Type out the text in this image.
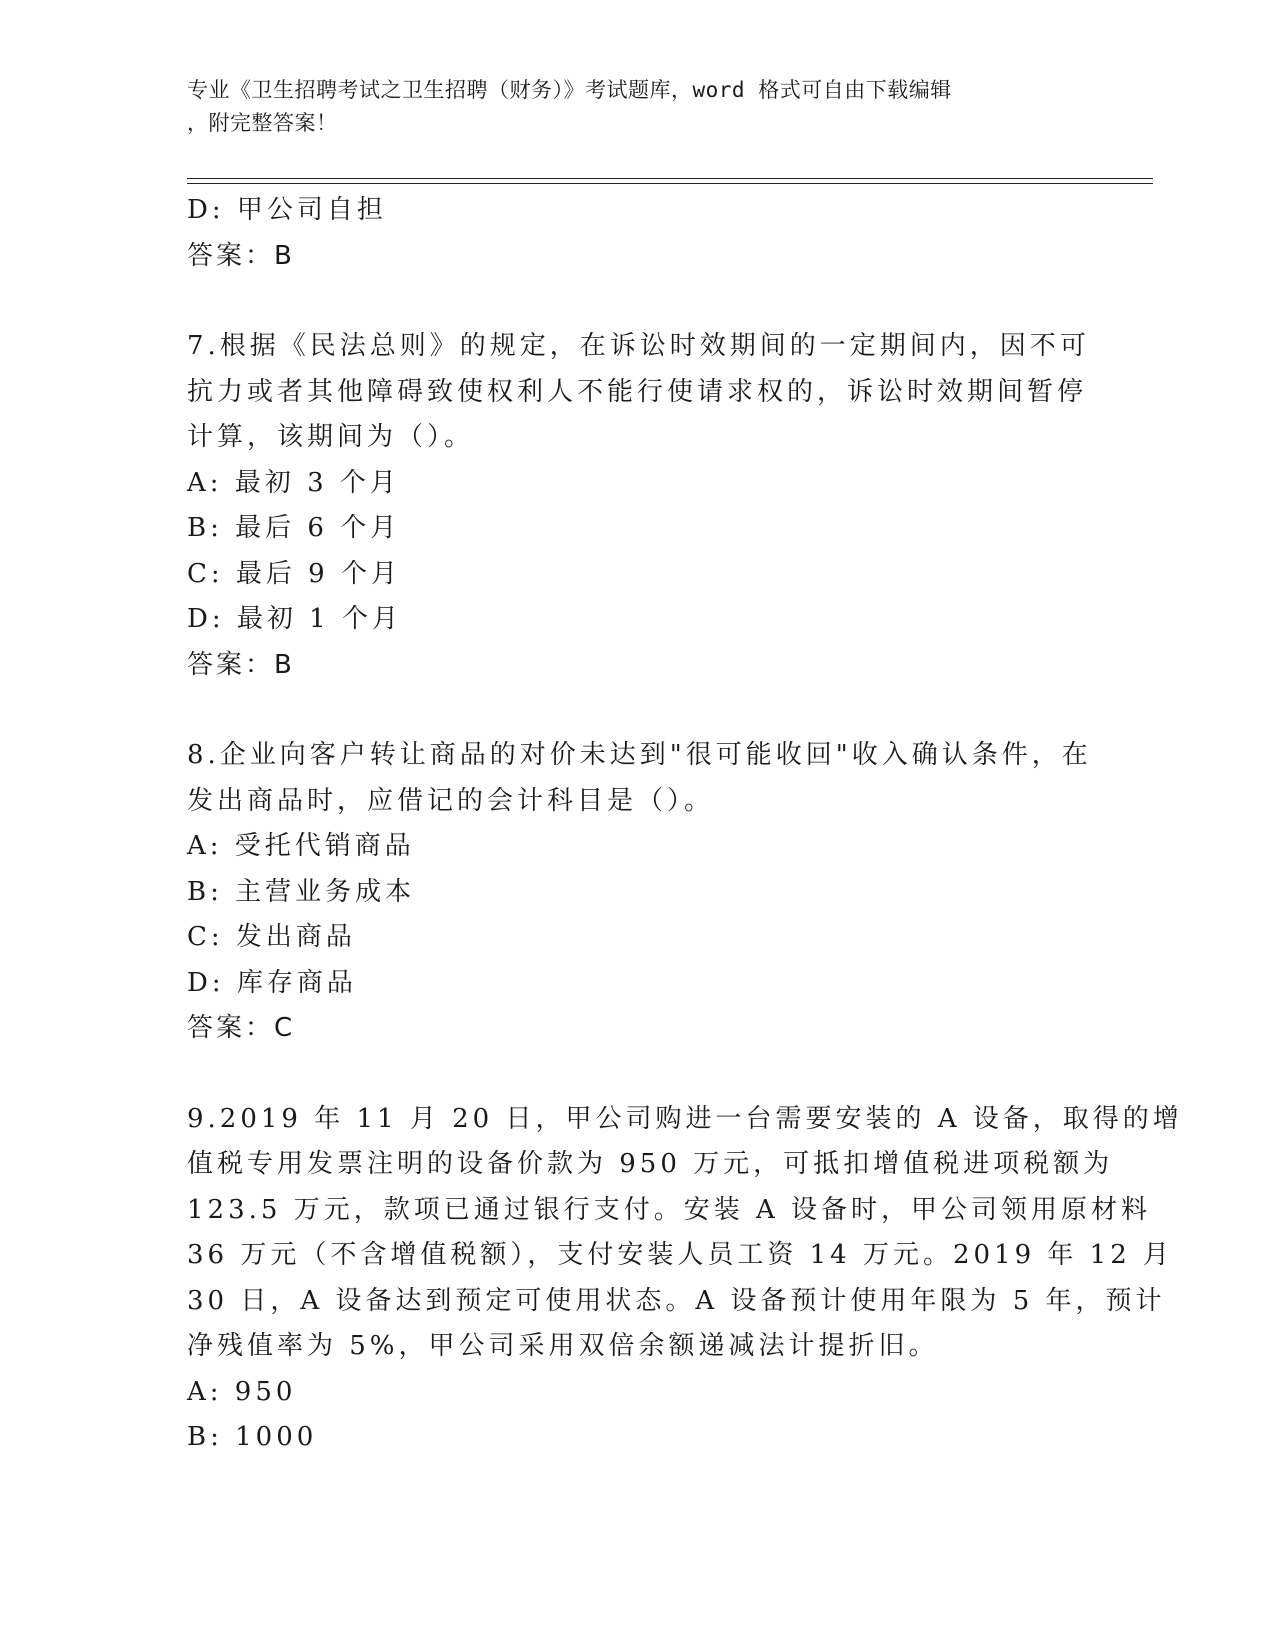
专业《卫生招聘考试之卫生招聘（财务）》考试题库，word 格式可自由下载编辑
，附完整答案！
D: 甲公司自担
答案：B
7.根据《民法总则》的规定，在诉讼时效期间的一定期间内，因不可
抗力或者其他障碍致使权利人不能行使请求权的，诉讼时效期间暂停
计算，该期间为（）。
A: 最初 3 个月
B: 最后 6 个月
C: 最后 9 个月
D: 最初 1 个月
答案：B
8.企业向客户转让商品的对价未达到"很可能收回"收入确认条件，在
发出商品时，应借记的会计科目是（）。
A: 受托代销商品
B: 主营业务成本
C: 发出商品
D: 库存商品
答案：C
9.2019 年 11 月 20 日，甲公司购进一台需要安装的 A 设备，取得的增
值税专用发票注明的设备价款为 950 万元，可抵扣增值税进项税额为
123.5 万元，款项已通过银行支付。安装 A 设备时，甲公司领用原材料
36 万元（不含增值税额），支付安装人员工资 14 万元。2019 年 12 月
30 日，A 设备达到预定可使用状态。A 设备预计使用年限为 5 年，预计
净残值率为 5%，甲公司采用双倍余额递减法计提折旧。
A: 950
B: 1000
